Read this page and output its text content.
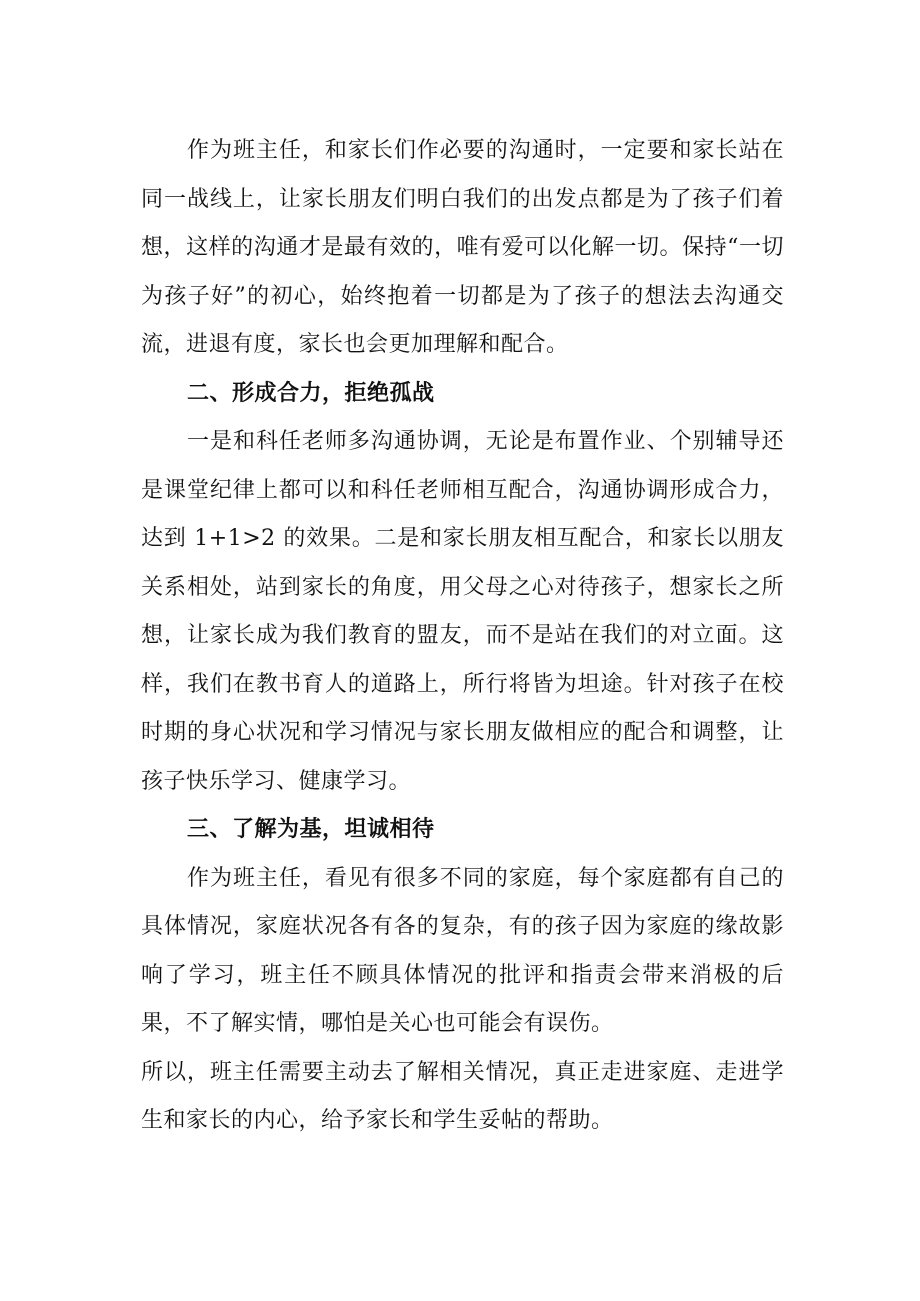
作为班主任，和家长们作必要的沟通时，一定要和家长站在同一战线上，让家长朋友们明白我们的出发点都是为了孩子们着想，这样的沟通才是最有效的，唯有爱可以化解一切。保持“一切为孩子好”的初心，始终抱着一切都是为了孩子的想法去沟通交流，进退有度，家长也会更加理解和配合。

二、形成合力，拒绝孤战

一是和科任老师多沟通协调，无论是布置作业、个别辅导还是课堂纪律上都可以和科任老师相互配合，沟通协调形成合力，达到 1+1>2 的效果。二是和家长朋友相互配合，和家长以朋友关系相处，站到家长的角度，用父母之心对待孩子，想家长之所想，让家长成为我们教育的盟友，而不是站在我们的对立面。这样，我们在教书育人的道路上，所行将皆为坦途。针对孩子在校时期的身心状况和学习情况与家长朋友做相应的配合和调整，让孩子快乐学习、健康学习。

三、了解为基，坦诚相待

作为班主任，看见有很多不同的家庭，每个家庭都有自己的具体情况，家庭状况各有各的复杂，有的孩子因为家庭的缘故影响了学习，班主任不顾具体情况的批评和指责会带来消极的后果，不了解实情，哪怕是关心也可能会有误伤。

所以，班主任需要主动去了解相关情况，真正走进家庭、走进学生和家长的内心，给予家长和学生妥帖的帮助。
